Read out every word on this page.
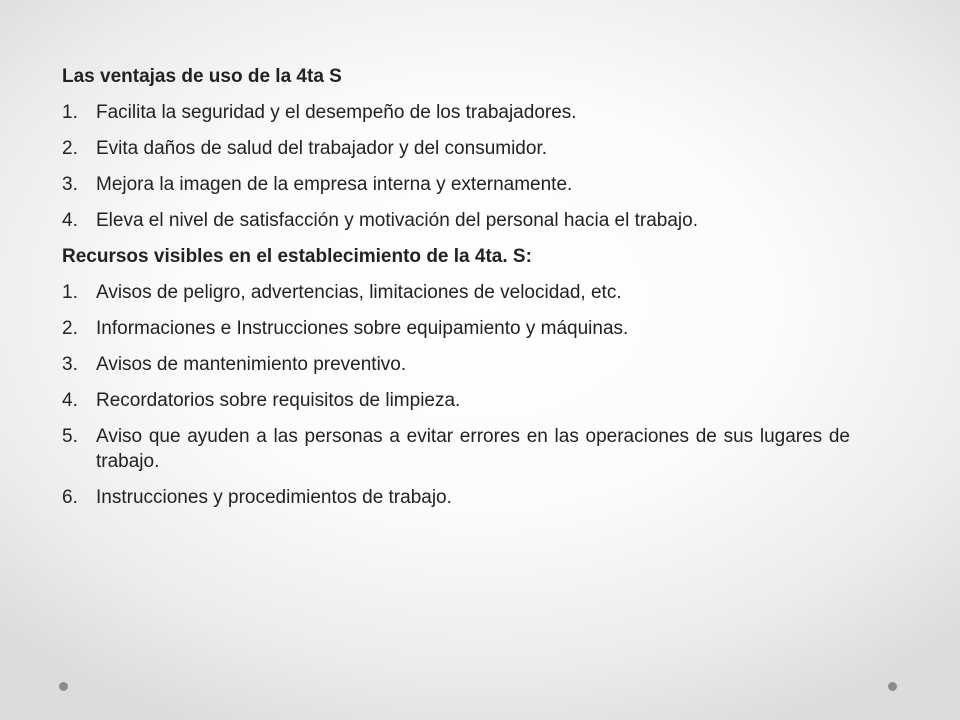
Las ventajas de uso de la 4ta S
1. Facilita la seguridad y el desempeño de los trabajadores.
2. Evita daños de salud del trabajador y del consumidor.
3. Mejora la imagen de la empresa interna y externamente.
4. Eleva el nivel de satisfacción y motivación del personal hacia el trabajo.
Recursos visibles en el establecimiento de la 4ta. S:
1. Avisos de peligro, advertencias, limitaciones de velocidad, etc.
2. Informaciones e Instrucciones sobre equipamiento y máquinas.
3. Avisos de mantenimiento preventivo.
4. Recordatorios sobre requisitos de limpieza.
5. Aviso que ayuden a las personas a evitar errores en las operaciones de sus lugares de trabajo.
6. Instrucciones y procedimientos de trabajo.
